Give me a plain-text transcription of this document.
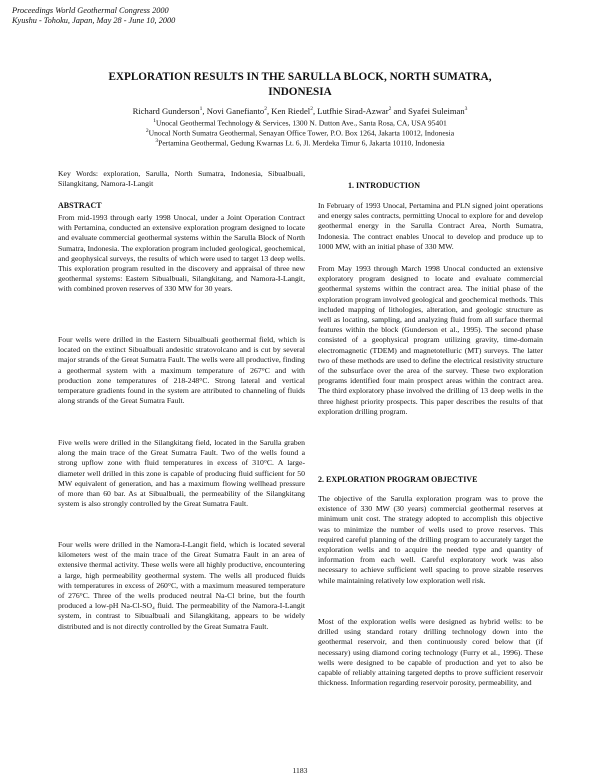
Proceedings World Geothermal Congress 2000
Kyushu - Tohoku, Japan, May 28 - June 10, 2000
EXPLORATION RESULTS IN THE SARULLA BLOCK, NORTH SUMATRA,
INDONESIA
Richard Gunderson$^1$, Novi Ganefianto$^2$, Ken Riedel$^2$, Lutfhie Sirad-Azwar$^2$ and Syafei Suleiman$^3$
$^1$Unocal Geothermal Technology & Services, 1300 N. Dutton Ave., Santa Rosa, CA, USA 95401
$^2$Unocal North Sumatra Geothermal, Senayan Office Tower, P.O. Box 1264, Jakarta 10012, Indonesia
$^3$Pertamina Geothermal, Gedung Kwarnas Lt. 6, Jl. Merdeka Timur 6, Jakarta 10110, Indonesia

Key Words: exploration, Sarulla, North Sumatra, Indonesia, Sibualbuali, Silangkitang, Namora-I-Langit

ABSTRACT

From mid-1993 through early 1998 Unocal, under a Joint Operation Contract with Pertamina, conducted an extensive exploration program designed to locate and evaluate commercial geothermal systems within the Sarulla Block of North Sumatra, Indonesia. The exploration program included geological, geochemical, and geophysical surveys, the results of which were used to target 13 deep wells. This exploration program resulted in the discovery and appraisal of three new geothermal systems: Eastern Sibualbuali, Silangkitang, and Namora-I-Langit, with combined proven reserves of 330 MW for 30 years.

Four wells were drilled in the Eastern Sibualbuali geothermal field, which is located on the extinct Sibualbuali andesitic stratovolcano and is cut by several major strands of the Great Sumatra Fault. The wells were all productive, finding a geothermal system with a maximum temperature of 267°C and with production zone temperatures of 218-248°C. Strong lateral and vertical temperature gradients found in the system are attributed to channeling of fluids along strands of the Great Sumatra Fault.

Five wells were drilled in the Silangkitang field, located in the Sarulla graben along the main trace of the Great Sumatra Fault. Two of the wells found a strong upflow zone with fluid temperatures in excess of 310°C. A large-diameter well drilled in this zone is capable of producing fluid sufficient for 50 MW equivalent of generation, and has a maximum flowing wellhead pressure of more than 60 bar. As at Sibualbuali, the permeability of the Silangkitang system is also strongly controlled by the Great Sumatra Fault.

Four wells were drilled in the Namora-I-Langit field, which is located several kilometers west of the main trace of the Great Sumatra Fault in an area of extensive thermal activity. These wells were all highly productive, encountering a large, high permeability geothermal system. The wells all produced fluids with temperatures in excess of 260°C, with a maximum measured temperature of 276°C. Three of the wells produced neutral Na-Cl brine, but the fourth produced a low-pH Na-Cl-SO₄ fluid. The permeability of the Namora-I-Langit system, in contrast to Sibualbuali and Silangkitang, appears to be widely distributed and is not directly controlled by the Great Sumatra Fault.

1. INTRODUCTION

In February of 1993 Unocal, Pertamina and PLN signed joint operations and energy sales contracts, permitting Unocal to explore for and develop geothermal energy in the Sarulla Contract Area, North Sumatra, Indonesia. The contract enables Unocal to develop and produce up to 1000 MW, with an initial phase of 330 MW.

From May 1993 through March 1998 Unocal conducted an extensive exploratory program designed to locate and evaluate commercial geothermal systems within the contract area. The initial phase of the exploration program involved geological and geochemical methods. This included mapping of lithologies, alteration, and geologic structure as well as locating, sampling, and analyzing fluid from all surface thermal features within the block (Gunderson et al., 1995). The second phase consisted of a geophysical program utilizing gravity, time-domain electromagnetic (TDEM) and magnetotelluric (MT) surveys. The latter two of these methods are used to define the electrical resistivity structure of the subsurface over the area of the survey. These two exploration programs identified four main prospect areas within the contract area. The third exploratory phase involved the drilling of 13 deep wells in the three highest priority prospects. This paper describes the results of that exploration drilling program.

2. EXPLORATION PROGRAM OBJECTIVE

The objective of the Sarulla exploration program was to prove the existence of 330 MW (30 years) commercial geothermal reserves at minimum unit cost. The strategy adopted to accomplish this objective was to minimize the number of wells used to prove reserves. This required careful planning of the drilling program to accurately target the exploration wells and to acquire the needed type and quantity of information from each well. Careful exploratory work was also necessary to achieve sufficient well spacing to prove sizable reserves while maintaining relatively low exploration well risk.

Most of the exploration wells were designed as hybrid wells: to be drilled using standard rotary drilling technology down into the geothermal reservoir, and then continuously cored below that (if necessary) using diamond coring technology (Furry et al., 1996). These wells were designed to be capable of production and yet to also be capable of reliably attaining targeted depths to prove sufficient reservoir thickness. Information regarding reservoir porosity, permeability, and

1183
